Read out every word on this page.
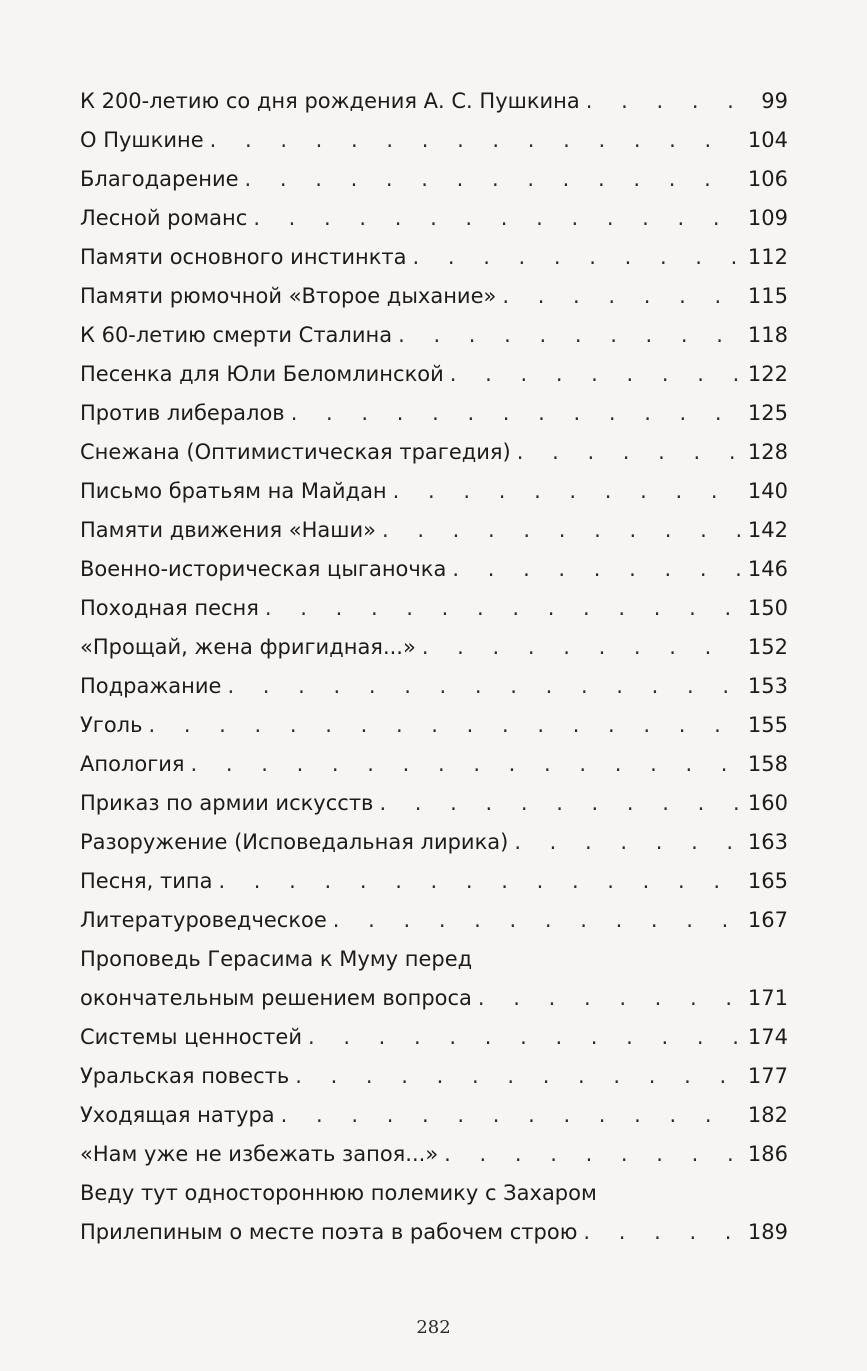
К 200-летию со дня рождения А. С. Пушкина . . .	99
О Пушкине . . .	104
Благодарение . . .	106
Лесной романс . . .	109
Памяти основного инстинкта . . .	112
Памяти рюмочной «Второе дыхание» . . .	115
К 60-летию смерти Сталина . . .	118
Песенка для Юли Беломлинской . . .	122
Против либералов . . .	125
Снежана (Оптимистическая трагедия) . . .	128
Письмо братьям на Майдан . . .	140
Памяти движения «Наши» . . .	142
Военно-историческая цыганочка . . .	146
Походная песня . . .	150
«Прощай, жена фригидная...» . . .	152
Подражание . . .	153
Уголь . . .	155
Апология . . .	158
Приказ по армии искусств . . .	160
Разоружение (Исповедальная лирика) . . .	163
Песня, типа . . .	165
Литературоведческое . . .	167
Проповедь Герасима к Муму перед
окончательным решением вопроса . . .	171
Системы ценностей . . .	174
Уральская повесть . . .	177
Уходящая натура . . .	182
«Нам уже не избежать запоя...» . . .	186
Веду тут одностороннюю полемику с Захаром
Прилепиным о месте поэта в рабочем строю . . .	189
282
